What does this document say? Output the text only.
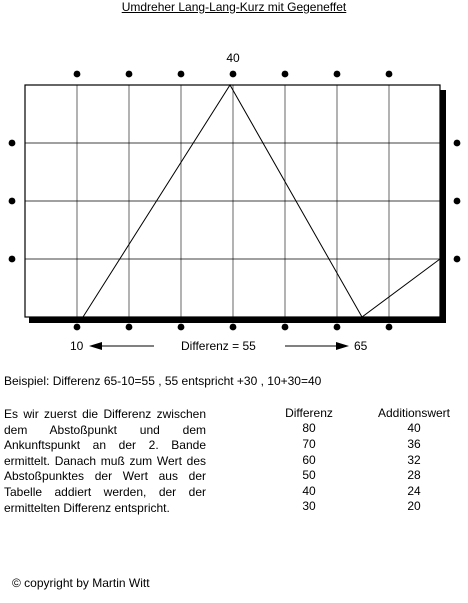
Umdreher Lang-Lang-Kurz mit Gegeneffet
40
10	Differenz = 55	65
Beispiel: Differenz 65-10=55 , 55 entspricht +30 , 10+30=40
Es wir zuerst die Differenz zwischen dem Abstoßpunkt und dem Ankunftspunkt an der 2. Bande ermittelt. Danach muß zum Wert des Abstoßpunktes der Wert aus der Tabelle addiert werden, der der ermittelten Differenz entspricht.
Differenz		Additionswert
80		40
70		36
60		32
50		28
40		24
30		20
© copyright by Martin Witt
